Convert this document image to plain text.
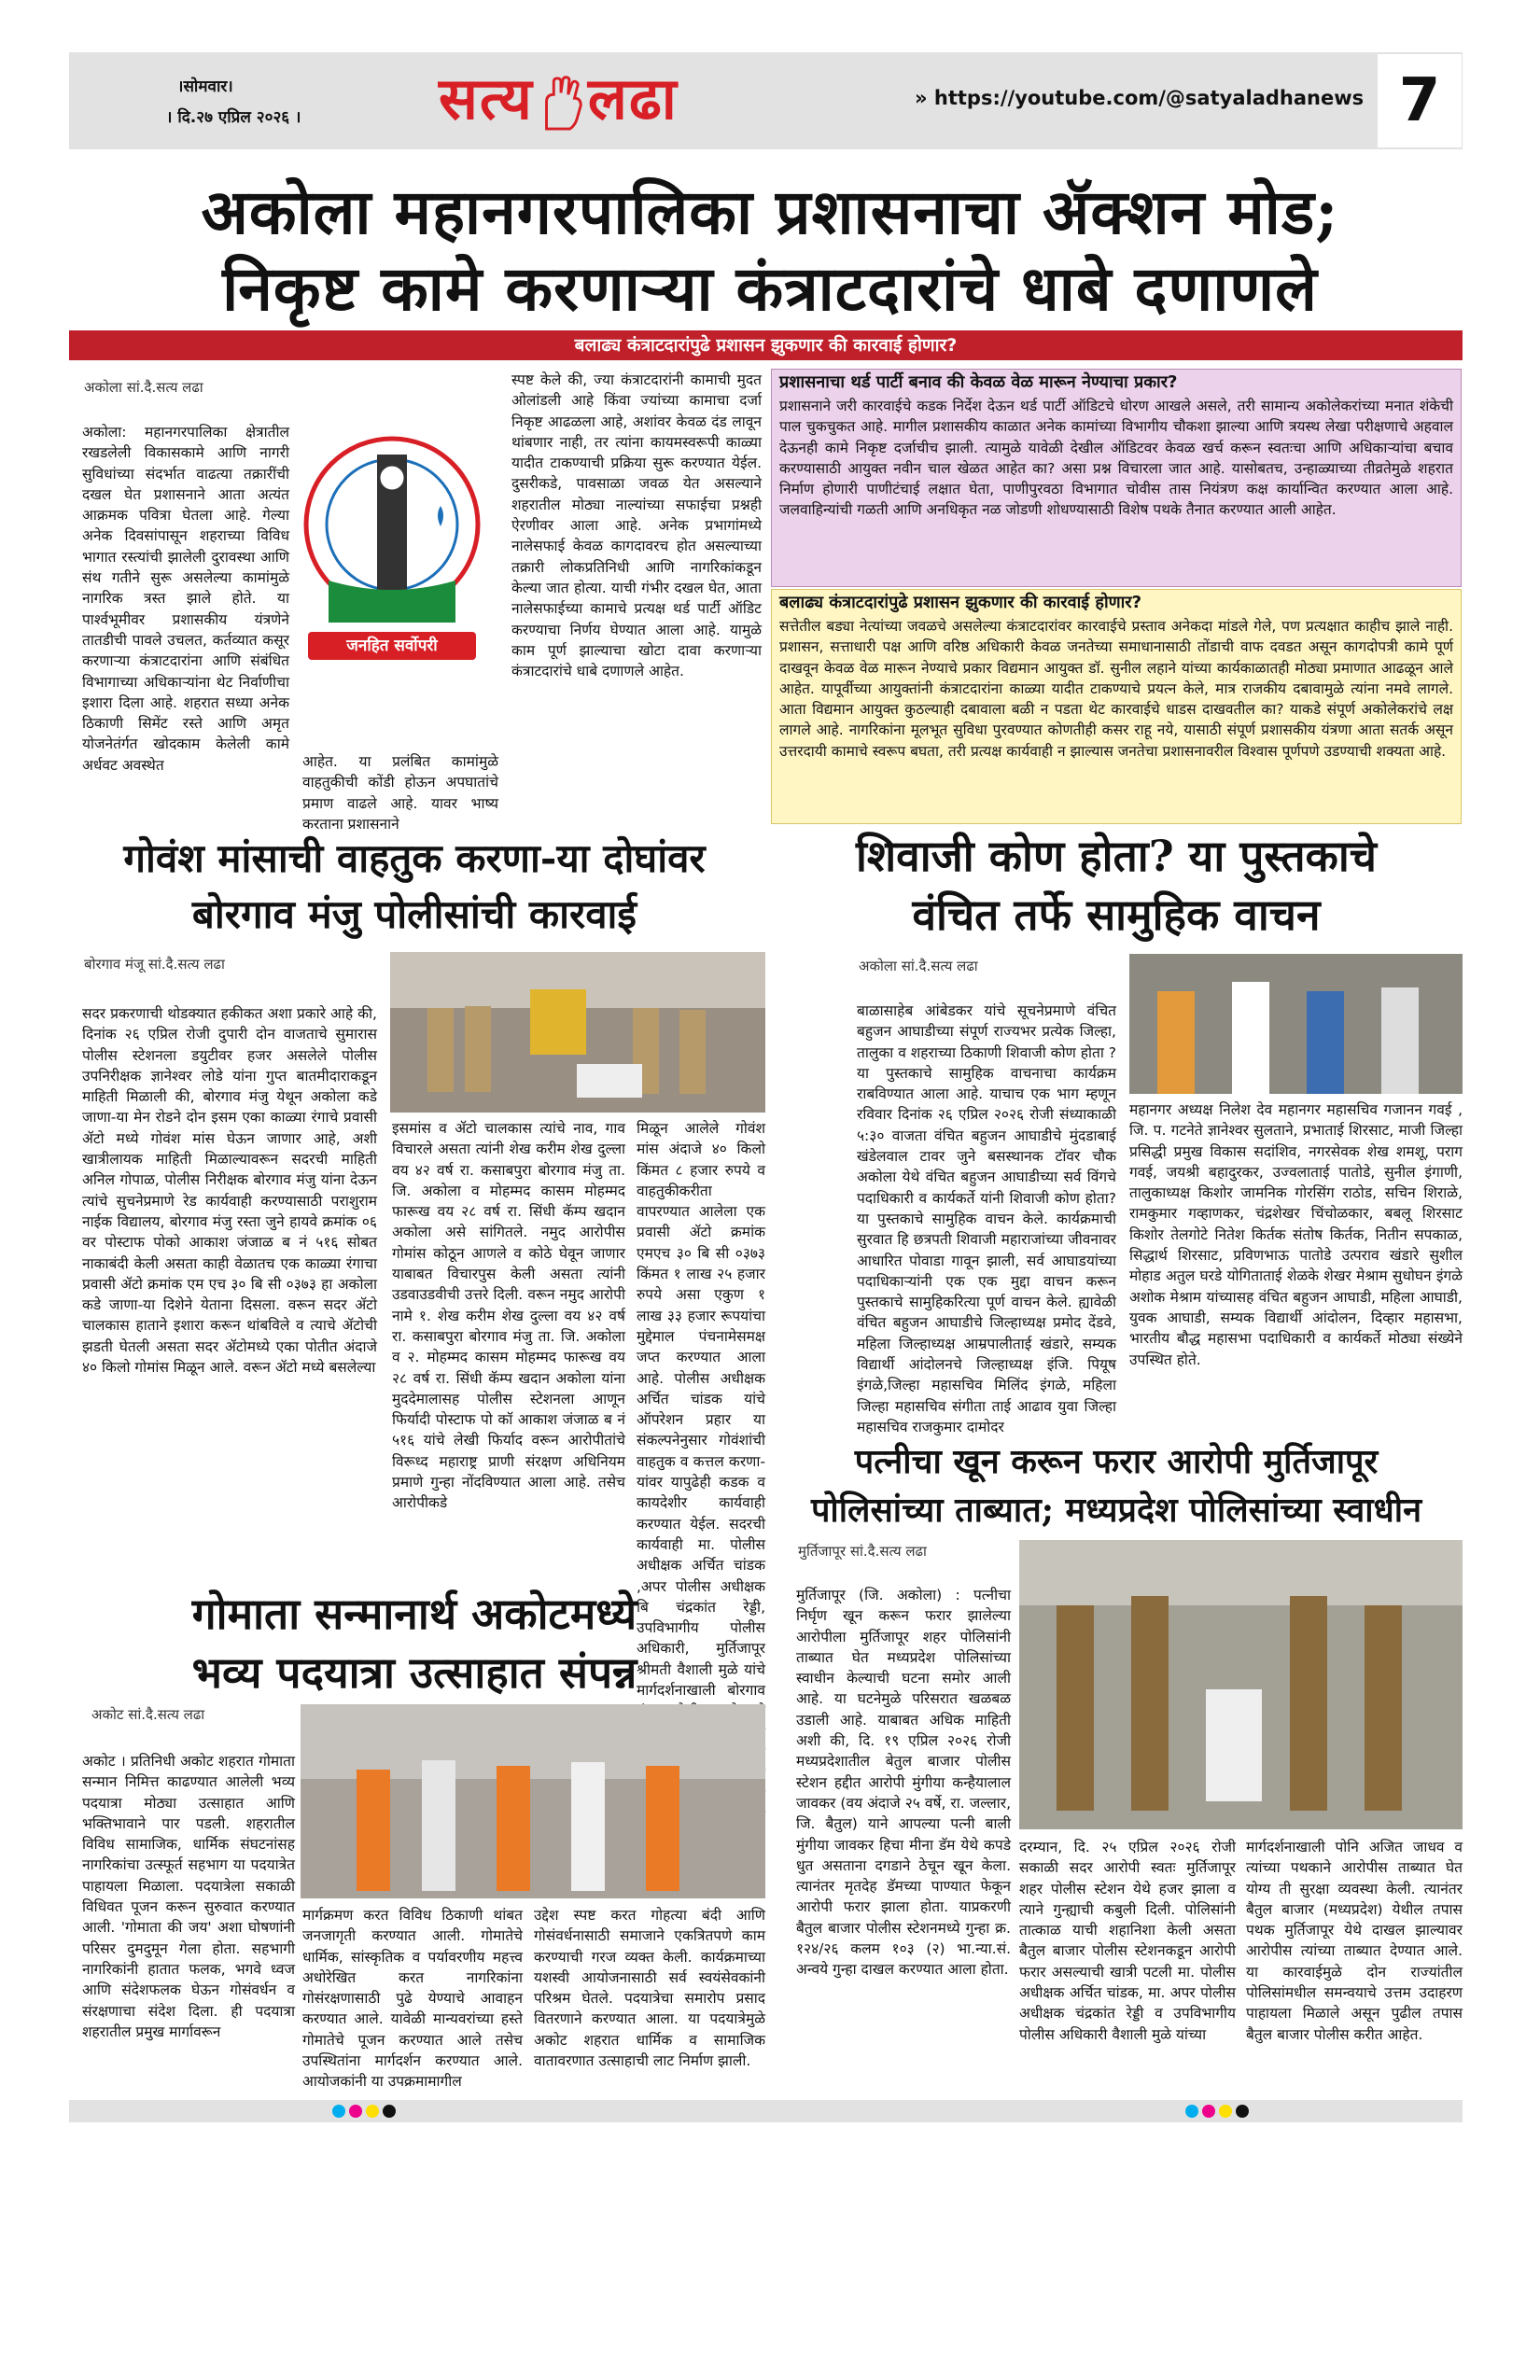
।सोमवार।
। दि.२७ एप्रिल २०२६ । सत्य लढा	» https://youtube.com/@satyaladhanews 7
अकोला महानगरपालिका प्रशासनाचा ॲक्शन मोड;
निकृष्ट कामे करणाऱ्या कंत्राटदारांचे धाबे दणाणले
बलाढ्य कंत्राटदारांपुढे प्रशासन झुकणार की कारवाई होणार?
अकोला सां.दै.सत्य लढा
अकोला: महानगरपालिका क्षेत्रातील रखडलेली विकासकामे आणि नागरी सुविधांच्या संदर्भात वाढत्या तक्रारींची दखल घेत प्रशासनाने आता अत्यंत आक्रमक पवित्रा घेतला आहे. गेल्या अनेक दिवसांपासून शहराच्या विविध भागात रस्त्यांची झालेली दुरावस्था आणि संथ गतीने सुरू असलेल्या कामांमुळे नागरिक त्रस्त झाले होते. या पार्श्वभूमीवर प्रशासकीय यंत्रणेने तातडीची पावले उचलत, कर्तव्यात कसूर करणाऱ्या कंत्राटदारांना आणि संबंधित विभागाच्या अधिकाऱ्यांना थेट निर्वाणीचा इशारा दिला आहे. शहरात सध्या अनेक ठिकाणी सिमेंट रस्ते आणि अमृत योजनेतंर्गत खोदकाम केलेली कामे अर्धवट अवस्थेत
जनहित सर्वोपरी
आहेत. या प्रलंबित कामांमुळे वाहतुकीची कोंडी होऊन अपघातांचे प्रमाण वाढले आहे. यावर भाष्य करताना प्रशासनाने
स्पष्ट केले की, ज्या कंत्राटदारांनी कामाची मुदत ओलांडली आहे किंवा ज्यांच्या कामाचा दर्जा निकृष्ट आढळला आहे, अशांवर केवळ दंड लावून थांबणार नाही, तर त्यांना कायमस्वरूपी काळ्या यादीत टाकण्याची प्रक्रिया सुरू करण्यात येईल. दुसरीकडे, पावसाळा जवळ येत असल्याने शहरातील मोठ्या नाल्यांच्या सफाईचा प्रश्नही ऐरणीवर आला आहे. अनेक प्रभागांमध्ये नालेसफाई केवळ कागदावरच होत असल्याच्या तक्रारी लोकप्रतिनिधी आणि नागरिकांकडून केल्या जात होत्या. याची गंभीर दखल घेत, आता नालेसफाईच्या कामाचे प्रत्यक्ष थर्ड पार्टी ऑडिट करण्याचा निर्णय घेण्यात आला आहे. यामुळे काम पूर्ण झाल्याचा खोटा दावा करणाऱ्या कंत्राटदारांचे धाबे दणाणले आहेत.
प्रशासनाचा थर्ड पार्टी बनाव की केवळ वेळ मारून नेण्याचा प्रकार?
प्रशासनाने जरी कारवाईचे कडक निर्देश देऊन थर्ड पार्टी ऑडिटचे धोरण आखले असले, तरी सामान्य अकोलेकरांच्या मनात शंकेची पाल चुकचुकत आहे. मागील प्रशासकीय काळात अनेक कामांच्या विभागीय चौकशा झाल्या आणि त्रयस्थ लेखा परीक्षणाचे अहवाल देऊनही कामे निकृष्ट दर्जाचीच झाली. त्यामुळे यावेळी देखील ऑडिटवर केवळ खर्च करून स्वतःचा आणि अधिकाऱ्यांचा बचाव करण्यासाठी आयुक्त नवीन चाल खेळत आहेत का? असा प्रश्न विचारला जात आहे. यासोबतच, उन्हाळ्याच्या तीव्रतेमुळे शहरात निर्माण होणारी पाणीटंचाई लक्षात घेता, पाणीपुरवठा विभागात चोवीस तास नियंत्रण कक्ष कार्यान्वित करण्यात आला आहे. जलवाहिन्यांची गळती आणि अनधिकृत नळ जोडणी शोधण्यासाठी विशेष पथके तैनात करण्यात आली आहेत.
बलाढ्य कंत्राटदारांपुढे प्रशासन झुकणार की कारवाई होणार?
सत्तेतील बड्या नेत्यांच्या जवळचे असलेल्या कंत्राटदारांवर कारवाईचे प्रस्ताव अनेकदा मांडले गेले, पण प्रत्यक्षात काहीच झाले नाही. प्रशासन, सत्ताधारी पक्ष आणि वरिष्ठ अधिकारी केवळ जनतेच्या समाधानासाठी तोंडाची वाफ दवडत असून कागदोपत्री कामे पूर्ण दाखवून केवळ वेळ मारून नेण्याचे प्रकार विद्यमान आयुक्त डॉ. सुनील लहाने यांच्या कार्यकाळातही मोठ्या प्रमाणात आढळून आले आहेत. यापूर्वीच्या आयुक्तांनी कंत्राटदारांना काळ्या यादीत टाकण्याचे प्रयत्न केले, मात्र राजकीय दबावामुळे त्यांना नमवे लागले. आता विद्यमान आयुक्त कुठल्याही दबावाला बळी न पडता थेट कारवाईचे धाडस दाखवतील का? याकडे संपूर्ण अकोलेकरांचे लक्ष लागले आहे. नागरिकांना मूलभूत सुविधा पुरवण्यात कोणतीही कसर राहू नये, यासाठी संपूर्ण प्रशासकीय यंत्रणा आता सतर्क असून उत्तरदायी कामाचे स्वरूप बघता, तरी प्रत्यक्ष कार्यवाही न झाल्यास जनतेचा प्रशासनावरील विश्वास पूर्णपणे उडण्याची शक्यता आहे.
गोवंश मांसाची वाहतुक करणा-या दोघांवर
बोरगाव मंजु पोलीसांची कारवाई
बोरगाव मंजू सां.दै.सत्य लढा
सदर प्रकरणाची थोडक्यात हकीकत अशा प्रकारे आहे की, दिनांक २६ एप्रिल रोजी दुपारी दोन वाजताचे सुमारास पोलीस स्टेशनला डयुटीवर हजर असलेले पोलीस उपनिरीक्षक ज्ञानेश्वर लोडे यांना गुप्त बातमीदाराकडून माहिती मिळाली की, बोरगाव मंजु येथून अकोला कडे जाणा-या मेन रोडने दोन इसम एका काळ्या रंगाचे प्रवासी ॲटो मध्ये गोवंश मांस घेऊन जाणार आहे, अशी खात्रीलायक माहिती मिळाल्यावरून सदरची माहिती अनिल गोपाळ, पोलीस निरीक्षक बोरगाव मंजु यांना देऊन त्यांचे सुचनेप्रमाणे रेड कार्यवाही करण्यासाठी पराशुराम नाईक विद्यालय, बोरगाव मंजु रस्ता जुने हायवे क्रमांक ०६ वर पोस्टाफ पोको आकाश जंजाळ ब नं ५१६ सोबत नाकाबंदी केली असता काही वेळातच एक काळ्या रंगाचा प्रवासी ॲटो क्रमांक एम एच ३० बि सी ०३७३ हा अकोला कडे जाणा-या दिशेने येताना दिसला. वरून सदर ॲटो चालकास हाताने इशारा करून थांबविले व त्याचे ॲटोची झडती घेतली असता सदर ॲटोमध्ये एका पोतीत अंदाजे ४० किलो गोमांस मिळून आले. वरून ॲटो मध्ये बसलेल्या
इसमांस व ॲटो चालकास त्यांचे नाव, गाव विचारले असता त्यांनी शेख करीम शेख दुल्ला वय ४२ वर्ष रा. कसाबपुरा बोरगाव मंजु ता. जि. अकोला व मोहम्मद कासम मोहम्मद फारूख वय २८ वर्ष रा. सिंधी कॅम्प खदान अकोला असे सांगितले. नमुद आरोपीस गोमांस कोठून आणले व कोठे घेवून जाणार याबाबत विचारपुस केली असता त्यांनी उडवाउडवीची उत्तरे दिली. वरून नमुद आरोपी नामे १. शेख करीम शेख दुल्ला वय ४२ वर्ष रा. कसाबपुरा बोरगाव मंजु ता. जि. अकोला व २. मोहम्मद कासम मोहम्मद फारूख वय २८ वर्ष रा. सिंधी कॅम्प खदान अकोला यांना मुददेमालासह पोलीस स्टेशनला आणून फिर्यादी पोस्टाफ पो कॉ आकाश जंजाळ ब नं ५१६ यांचे लेखी फिर्याद वरून आरोपीतांचे विरूध्द महाराष्ट्र प्राणी संरक्षण अधिनियम प्रमाणे गुन्हा नोंदविण्यात आला आहे. तसेच आरोपीकडे
मिळून आलेले गोवंश मांस अंदाजे ४० किलो किंमत ८ हजार रुपये व वाहतुकीकरीता वापरण्यात आलेला एक प्रवासी ॲटो क्रमांक एमएच ३० बि सी ०३७३ किंमत १ लाख २५ हजार रुपये असा एकुण १ लाख ३३ हजार रूपयांचा मुद्देमाल पंचनामेसमक्ष जप्त करण्यात आला आहे. पोलीस अधीक्षक अर्चित चांडक यांचे ऑपरेशन प्रहार या संकल्पनेनुसार गोवंशांची वाहतुक व कत्तल करणा-यांवर यापुढेही कडक व कायदेशीर कार्यवाही करण्यात येईल. सदरची कार्यवाही मा. पोलीस अधीक्षक अर्चित चांडक ,अपर पोलीस अधीक्षक बि चंद्रकांत रेड्डी, उपविभागीय पोलीस अधिकारी, मुर्तिजापूर श्रीमती वैशाली मुळे यांचे मार्गदर्शनाखाली बोरगाव
शिवाजी कोण होता? या पुस्तकाचे
वंचित तर्फे सामुहिक वाचन
अकोला सां.दै.सत्य लढा
बाळासाहेब आंबेडकर यांचे सूचनेप्रमाणे वंचित बहुजन आघाडीच्या संपूर्ण राज्यभर प्रत्येक जिल्हा, तालुका व शहराच्या ठिकाणी शिवाजी कोण होता ? या पुस्तकाचे सामुहिक वाचनाचा कार्यक्रम राबविण्यात आला आहे. याचाच एक भाग म्हणून रविवार दिनांक २६ एप्रिल २०२६ रोजी संध्याकाळी ५:३० वाजता वंचित बहुजन आघाडीचे मुंदडाबाई खंडेलवाल टावर जुने बसस्थानक टॉवर चौक अकोला येथे वंचित बहुजन आघाडीच्या सर्व विंगचे पदाधिकारी व कार्यकर्ते यांनी शिवाजी कोण होता? या पुस्तकाचे सामुहिक वाचन केले. कार्यक्रमाची सुरवात हि छत्रपती शिवाजी महाराजांच्या जीवनावर आधारित पोवाडा गावून झाली, सर्व आघाडयांच्या पदाधिकाऱ्यांनी एक एक मुद्दा वाचन करून पुस्तकाचे सामुहिकरित्या पूर्ण वाचन केले. ह्यावेळी वंचित बहुजन आघाडीचे जिल्हाध्यक्ष प्रमोद देंडवे, महिला जिल्हाध्यक्ष आम्रपालीताई खंडारे, सम्यक विद्यार्थी आंदोलनचे जिल्हाध्यक्ष इंजि. पियूष इंगळे,जिल्हा महासचिव मिलिंद इंगळे, महिला जिल्हा महासचिव संगीता ताई आढाव युवा जिल्हा महासचिव राजकुमार दामोदर
महानगर अध्यक्ष निलेश देव महानगर महासचिव गजानन गवई , जि. प. गटनेते ज्ञानेश्वर सुलताने, प्रभाताई शिरसाट, माजी जिल्हा प्रसिद्धी प्रमुख विकास सदांशिव, नगरसेवक शेख शमशू, पराग गवई, जयश्री बहादुरकर, उज्वलाताई पातोडे, सुनील इंगाणी, तालुकाध्यक्ष किशोर जामनिक गोरसिंग राठोड, सचिन शिराळे, रामकुमार गव्हाणकर, चंद्रशेखर चिंचोळकार, बबलू शिरसाट किशोर तेलगोटे नितेश किर्तक संतोष किर्तक, नितीन सपकाळ, सिद्धार्थ शिरसाट, प्रविणभाऊ पातोडे उत्पराव खंडारे सुशील मोहाड अतुल घरडे योगिताताई शेळके शेखर मेश्राम सुधोघन इंगळे अशोक मेश्राम यांच्यासह वंचित बहुजन आघाडी, महिला आघाडी, युवक आघाडी, सम्यक विद्यार्थी आंदोलन, दिव्हार महासभा, भारतीय बौद्ध महासभा पदाधिकारी व कार्यकर्ते मोठ्या संख्येने उपस्थित होते.
पत्नीचा खून करून फरार आरोपी मुर्तिजापूर
पोलिसांच्या ताब्यात; मध्यप्रदेश पोलिसांच्या स्वाधीन
मुर्तिजापूर सां.दै.सत्य लढा
मुर्तिजापूर (जि. अकोला) : पत्नीचा निर्घृण खून करून फरार झालेल्या आरोपीला मुर्तिजापूर शहर पोलिसांनी ताब्यात घेत मध्यप्रदेश पोलिसांच्या स्वाधीन केल्याची घटना समोर आली आहे. या घटनेमुळे परिसरात खळबळ उडाली आहे. याबाबत अधिक माहिती अशी की, दि. १९ एप्रिल २०२६ रोजी मध्यप्रदेशातील बेतुल बाजार पोलीस स्टेशन हद्दीत आरोपी मुंगीया कन्हैयालाल जावकर (वय अंदाजे २५ वर्षे, रा. जल्लार, जि. बैतुल) याने आपल्या पत्नी बाली मुंगीया जावकर हिचा मीना डॅम येथे कपडे धुत असताना दगडाने ठेचून खून केला. त्यानंतर मृतदेह डॅमच्या पाण्यात फेकून आरोपी फरार झाला होता. याप्रकरणी बैतुल बाजार पोलीस स्टेशनमध्ये गुन्हा क्र. १२४/२६ कलम १०३ (२) भा.न्या.सं. अन्वये गुन्हा दाखल करण्यात आला होता.
दरम्यान, दि. २५ एप्रिल २०२६ रोजी सकाळी सदर आरोपी स्वतः मुर्तिजापूर शहर पोलीस स्टेशन येथे हजर झाला व त्याने गुन्ह्याची कबुली दिली. पोलिसांनी तात्काळ याची शहानिशा केली असता बैतुल बाजार पोलीस स्टेशनकडून आरोपी फरार असल्याची खात्री पटली मा. पोलीस अधीक्षक अर्चित चांडक, मा. अपर पोलीस अधीक्षक चंद्रकांत रेड्डी व उपविभागीय पोलीस अधिकारी वैशाली मुळे यांच्या
मार्गदर्शनाखाली पोनि अजित जाधव व त्यांच्या पथकाने आरोपीस ताब्यात घेत योग्य ती सुरक्षा व्यवस्था केली. त्यानंतर बैतुल बाजार (मध्यप्रदेश) येथील तपास पथक मुर्तिजापूर येथे दाखल झाल्यावर आरोपीस त्यांच्या ताब्यात देण्यात आले. या कारवाईमुळे दोन राज्यांतील पोलिसांमधील समन्वयाचे उत्तम उदाहरण पाहायला मिळाले असून पुढील तपास बैतुल बाजार पोलीस करीत आहेत.
गोमाता सन्मानार्थ अकोटमध्ये
भव्य पदयात्रा उत्साहात संपन्न
अकोट सां.दै.सत्य लढा
अकोट । प्रतिनिधी अकोट शहरात गोमाता सन्मान निमित्त काढण्यात आलेली भव्य पदयात्रा मोठ्या उत्साहात आणि भक्तिभावाने पार पडली. शहरातील विविध सामाजिक, धार्मिक संघटनांसह नागरिकांचा उत्स्फूर्त सहभाग या पदयात्रेत पाहायला मिळाला. पदयात्रेला सकाळी विधिवत पूजन करून सुरुवात करण्यात आली. 'गोमाता की जय' अशा घोषणांनी परिसर दुमदुमून गेला होता. सहभागी नागरिकांनी हातात फलक, भगवे ध्वज आणि संदेशफलक घेऊन गोसंवर्धन व संरक्षणाचा संदेश दिला. ही पदयात्रा शहरातील प्रमुख मार्गावरून
मार्गक्रमण करत विविध ठिकाणी थांबत जनजागृती करण्यात आली. गोमातेचे धार्मिक, सांस्कृतिक व पर्यावरणीय महत्त्व अधोरेखित करत नागरिकांना गोसंरक्षणासाठी पुढे येण्याचे आवाहन करण्यात आले. यावेळी मान्यवरांच्या हस्ते गोमातेचे पूजन करण्यात आले तसेच उपस्थितांना मार्गदर्शन करण्यात आले. आयोजकांनी या उपक्रमामागील
उद्देश स्पष्ट करत गोहत्या बंदी आणि गोसंवर्धनासाठी समाजाने एकत्रितपणे काम करण्याची गरज व्यक्त केली. कार्यक्रमाच्या यशस्वी आयोजनासाठी सर्व स्वयंसेवकांनी परिश्रम घेतले. पदयात्रेचा समारोप प्रसाद वितरणाने करण्यात आला. या पदयात्रेमुळे अकोट शहरात धार्मिक व सामाजिक वातावरणात उत्साहाची लाट निर्माण झाली.
